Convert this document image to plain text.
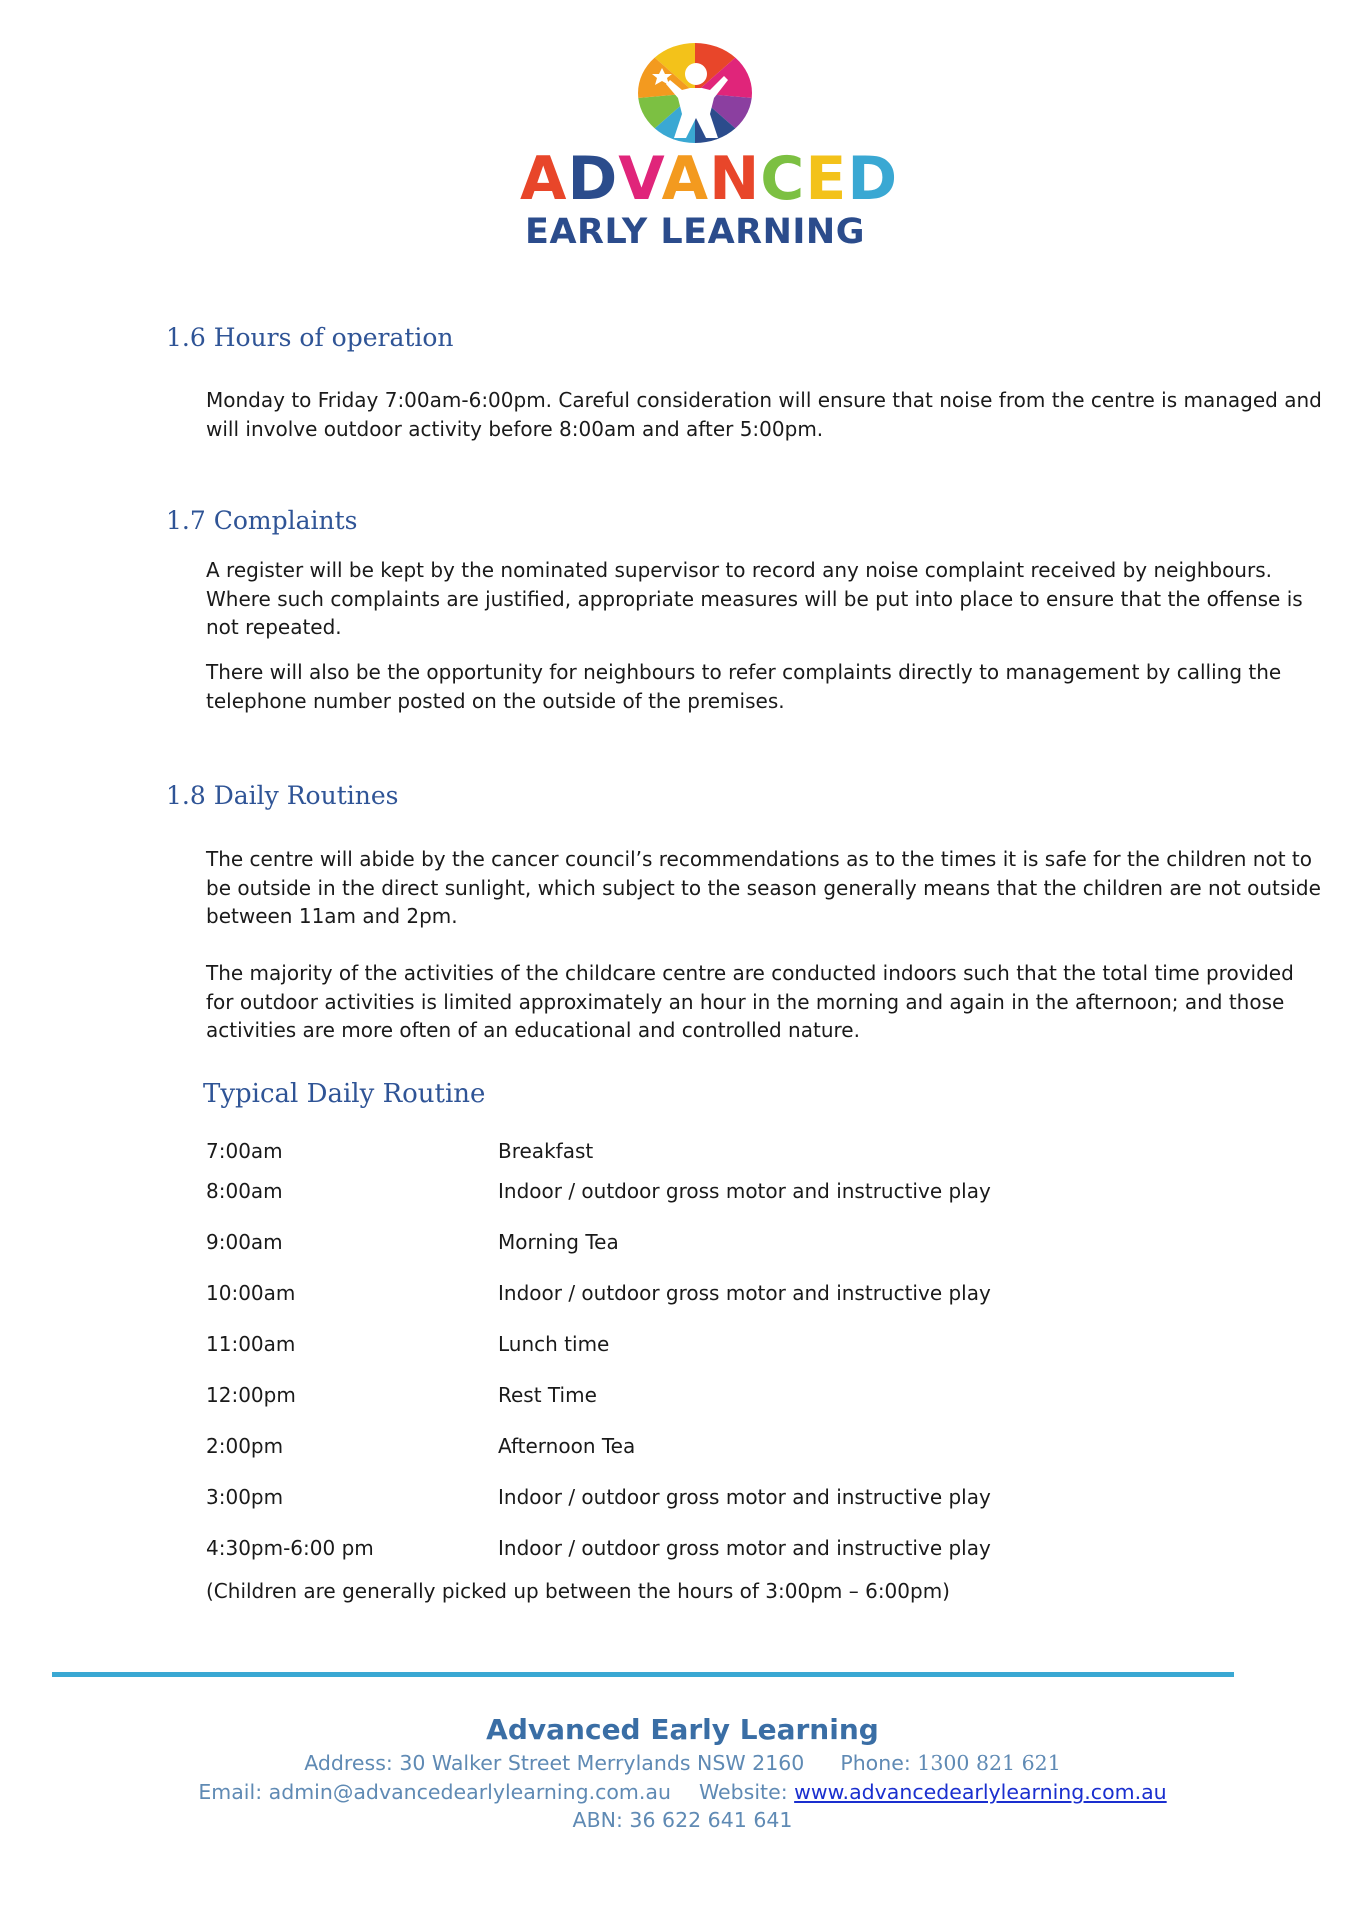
ADVANCED
EARLY LEARNING
1.6 Hours of operation
Monday to Friday 7:00am-6:00pm. Careful consideration will ensure that noise from the centre is managed and will involve outdoor activity before 8:00am and after 5:00pm.
1.7 Complaints
A register will be kept by the nominated supervisor to record any noise complaint received by neighbours. Where such complaints are justified, appropriate measures will be put into place to ensure that the offense is not repeated.
There will also be the opportunity for neighbours to refer complaints directly to management by calling the telephone number posted on the outside of the premises.
1.8 Daily Routines
The centre will abide by the cancer council’s recommendations as to the times it is safe for the children not to be outside in the direct sunlight, which subject to the season generally means that the children are not outside between 11am and 2pm.
The majority of the activities of the childcare centre are conducted indoors such that the total time provided for outdoor activities is limited approximately an hour in the morning and again in the afternoon; and those activities are more often of an educational and controlled nature.
Typical Daily Routine
7:00am	Breakfast
8:00am	Indoor / outdoor gross motor and instructive play
9:00am	Morning Tea
10:00am	Indoor / outdoor gross motor and instructive play
11:00am	Lunch time
12:00pm	Rest Time
2:00pm	Afternoon Tea
3:00pm	Indoor / outdoor gross motor and instructive play
4:30pm-6:00 pm	Indoor / outdoor gross motor and instructive play
(Children are generally picked up between the hours of 3:00pm – 6:00pm)
Advanced Early Learning
Address: 30 Walker Street Merrylands NSW 2160 Phone: 1300 821 621
Email: admin@advancedearlylearning.com.au Website: www.advancedearlylearning.com.au
ABN: 36 622 641 641
